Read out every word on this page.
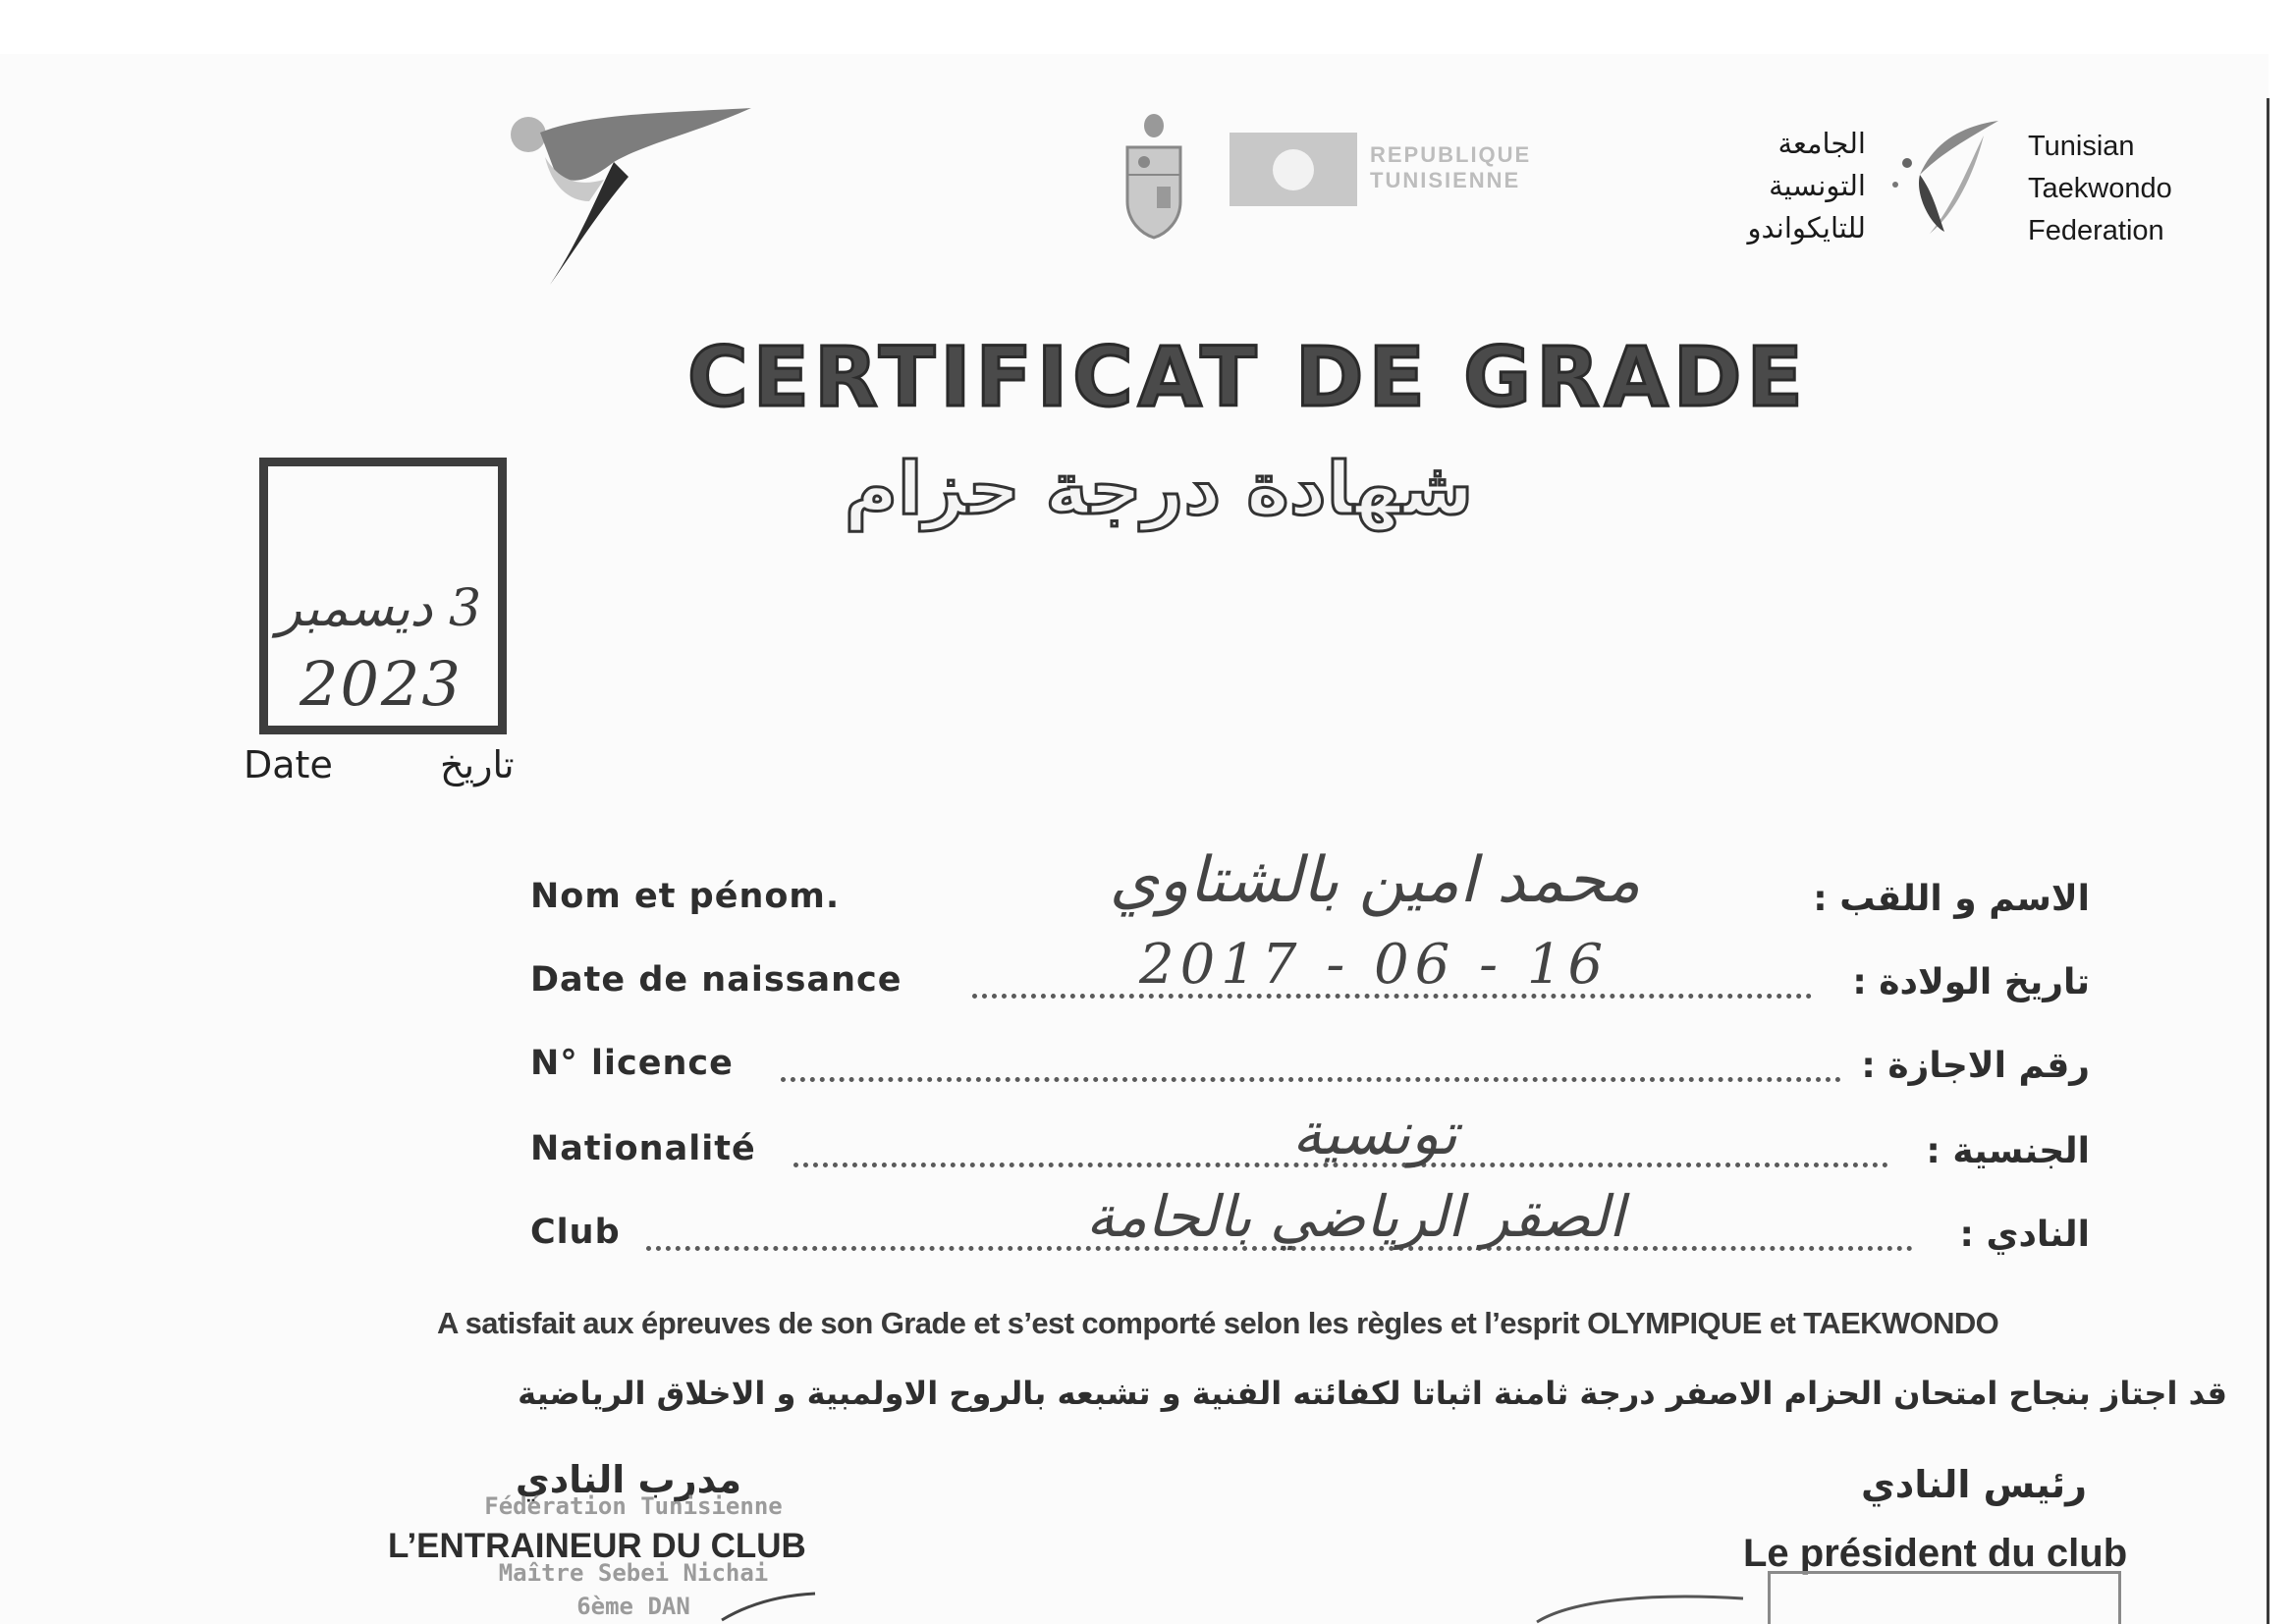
REPUBLIQUE
TUNISIENNE
الجامعة
التونسية
للتايكواندو
Tunisian
Taekwondo
Federation
CERTIFICAT DE GRADE
شهادة درجة حزام
3 ديسمبر
2023
Date	تاريخ
Nom et pénom.	الاسم و اللقب :
محمد امين بالشتاوي
Date de naissance	تاريخ الولادة :
2017 - 06 - 16
N° licence	رقم الاجازة :
Nationalité	الجنسية :
تونسية
Club	النادي :
الصقر الرياضي بالحامة
A satisfait aux épreuves de son Grade et s’est comporté selon les règles et l’esprit OLYMPIQUE et TAEKWONDO
قد اجتاز بنجاح امتحان الحزام الاصفر درجة ثامنة اثباتا لكفائته الفنية و تشبعه بالروح الاولمبية و الاخلاق الرياضية
مدرب النادي
Fédération Tunisienne
Maître Sebei Nichai
6ème DAN
L’ENTRAINEUR DU CLUB
رئيس النادي
Le président du club
